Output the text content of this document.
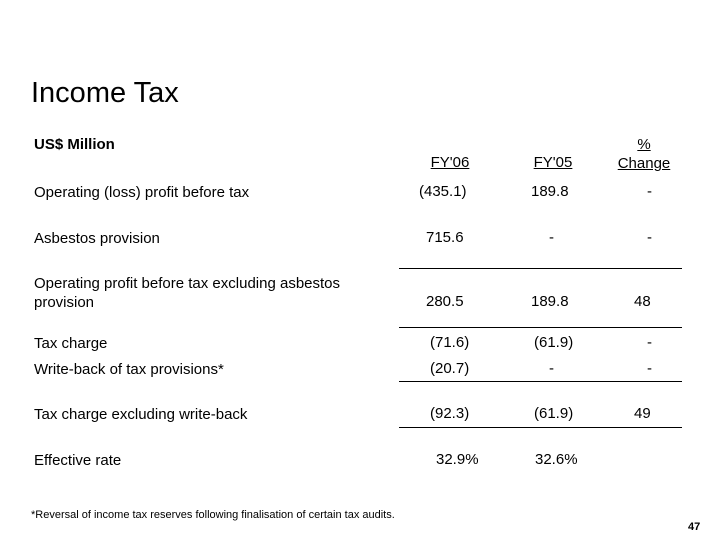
Income Tax
US$ Million
FY'06	FY'05
%
Change
Operating (loss) profit before tax	(435.1)	189.8	-
Asbestos provision	715.6	-	-
Operating profit before tax excluding asbestos
provision	280.5	189.8	48
Tax charge	(71.6)	(61.9)	-
Write-back of tax provisions*	(20.7)	-	-
Tax charge excluding write-back	(92.3)	(61.9)	49
Effective rate	32.9%	32.6%
*Reversal of income tax reserves following finalisation of certain tax audits.
47
